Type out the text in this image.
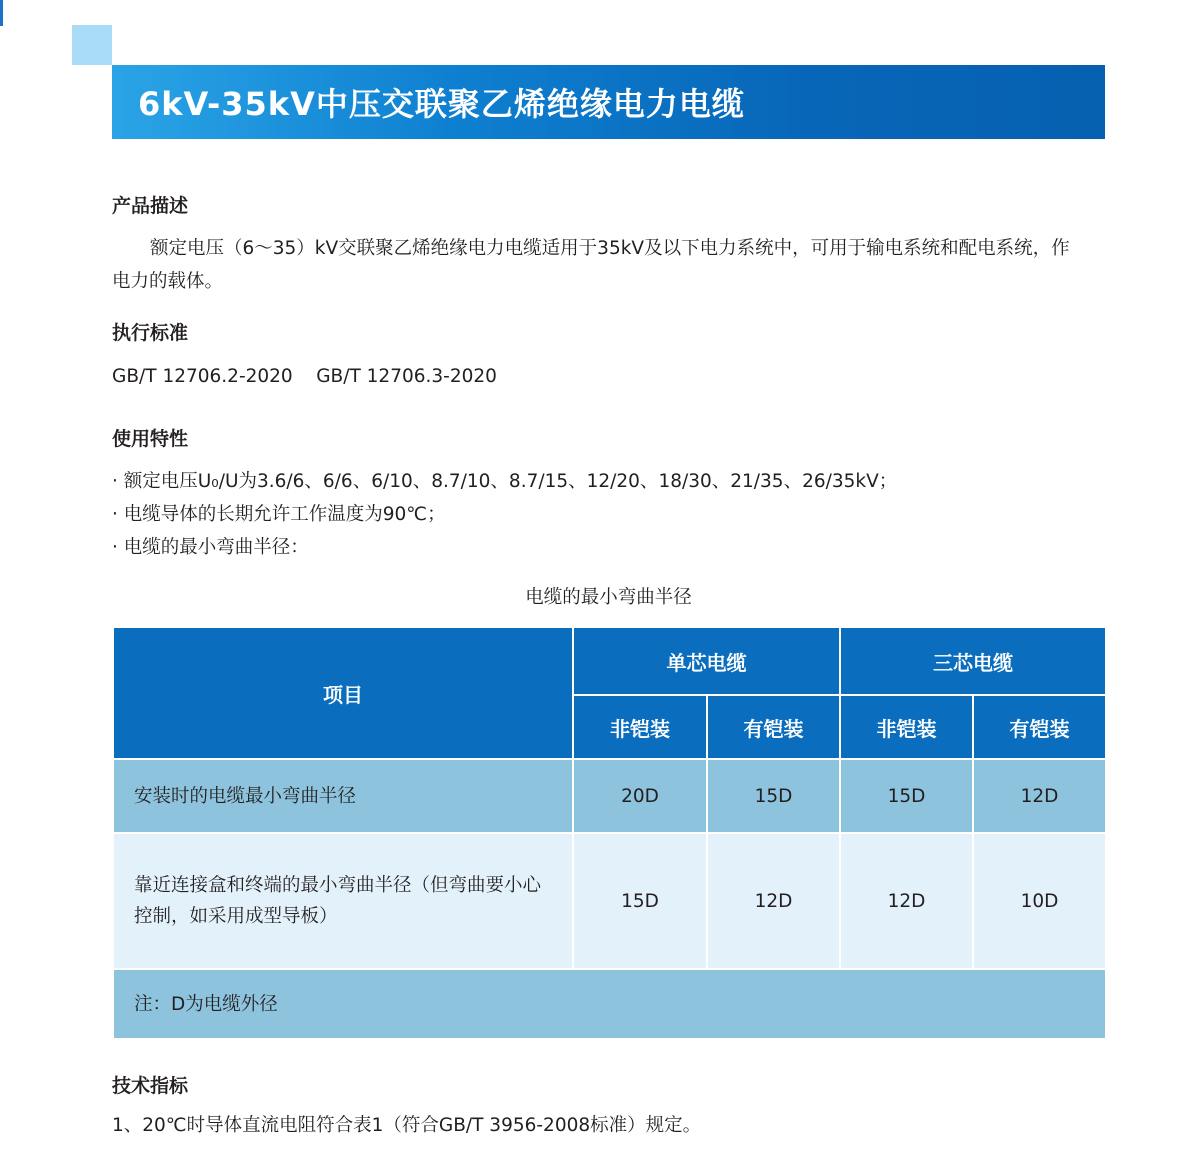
6kV-35kV中压交联聚乙烯绝缘电力电缆
产品描述
额定电压（6～35）kV交联聚乙烯绝缘电力电缆适用于35kV及以下电力系统中，可用于输电系统和配电系统，作电力的载体。
执行标准
GB/T 12706.2-2020    GB/T 12706.3-2020
使用特性
· 额定电压U₀/U为3.6/6、6/6、6/10、8.7/10、8.7/15、12/20、18/30、21/35、26/35kV；
· 电缆导体的长期允许工作温度为90℃；
· 电缆的最小弯曲半径：
电缆的最小弯曲半径
技术指标
1、20℃时导体直流电阻符合表1（符合GB/T 3956-2008标准）规定。
项目	单芯电缆		三芯电缆	
	非铠装	有铠装	非铠装	有铠装
安装时的电缆最小弯曲半径	20D	15D	15D	12D
靠近连接盒和终端的最小弯曲半径（但弯曲要小心控制，如采用成型导板）	15D	12D	12D	10D
注：D为电缆外径				
